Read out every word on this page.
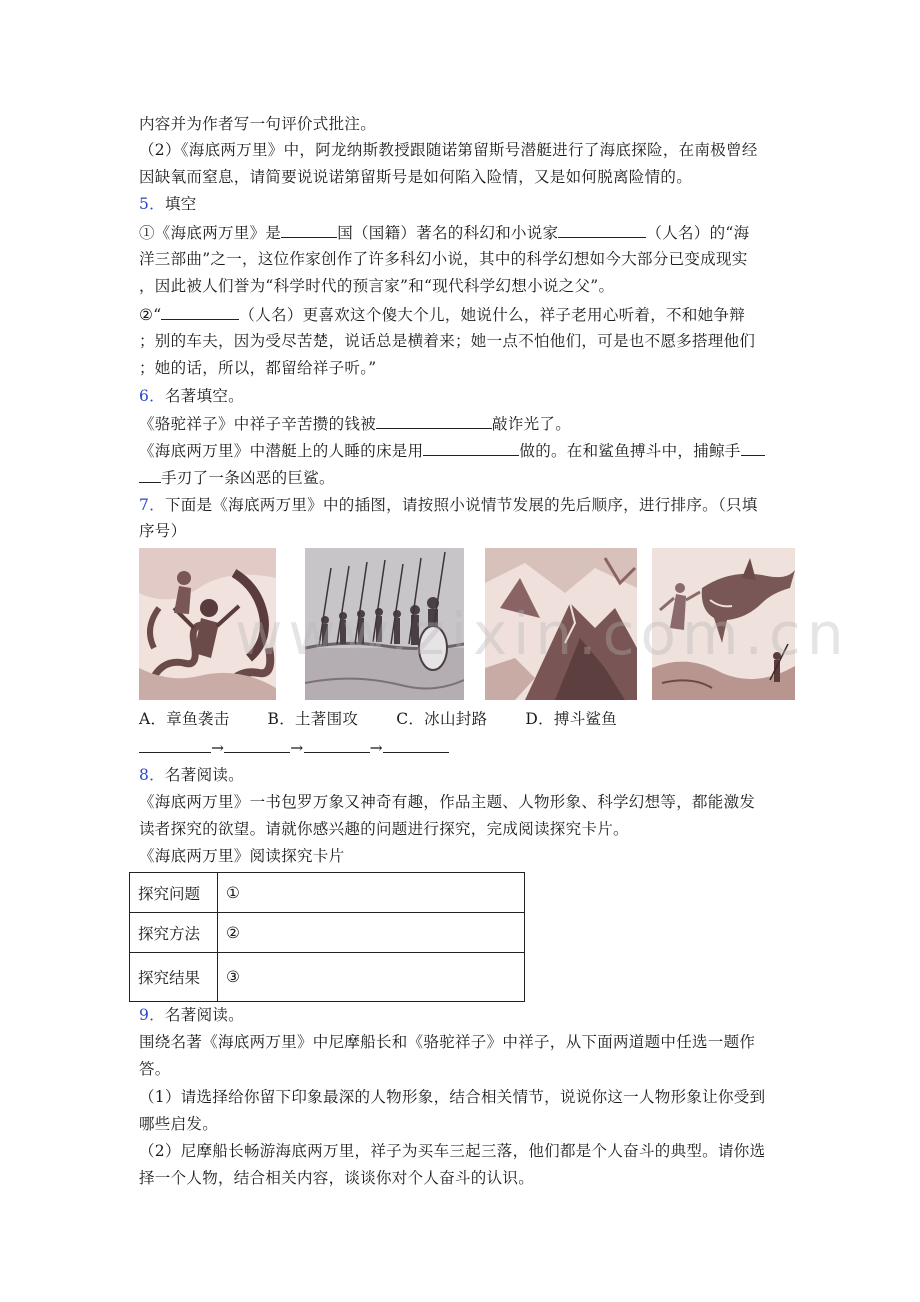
内容并为作者写一句评价式批注。
（2）《海底两万里》中，阿龙纳斯教授跟随诺第留斯号潜艇进行了海底探险，在南极曾经
因缺氧而窒息，请简要说说诺第留斯号是如何陷入险情，又是如何脱离险情的。
5．填空
①《海底两万里》是	国（国籍）著名的科幻和小说家	（人名）的“海
洋三部曲”之一，这位作家创作了许多科幻小说，其中的科学幻想如今大部分已变成现实
，因此被人们誉为“科学时代的预言家”和“现代科学幻想小说之父”。
②“	（人名）更喜欢这个傻大个儿，她说什么，祥子老用心听着，不和她争辩
；别的车夫，因为受尽苦楚，说话总是横着来；她一点不怕他们，可是也不愿多搭理他们
；她的话，所以，都留给祥子听。”
6．名著填空。
《骆驼祥子》中祥子辛苦攒的钱被	敲诈光了。
《海底两万里》中潜艇上的人睡的床是用	做的。在和鲨鱼搏斗中，捕鲸手
手刃了一条凶恶的巨鲨。
7．下面是《海底两万里》中的插图，请按照小说情节发展的先后顺序，进行排序。（只填
序号）
www.zixin.com.cn
A．章鱼袭击 B．土著围攻 C．冰山封路 D．搏斗鲨鱼
→	→	→
8．名著阅读。
《海底两万里》一书包罗万象又神奇有趣，作品主题、人物形象、科学幻想等，都能激发
读者探究的欲望。请就你感兴趣的问题进行探究，完成阅读探究卡片。
《海底两万里》阅读探究卡片
探究问题	①
探究方法	②
探究结果	③
9．名著阅读。
围绕名著《海底两万里》中尼摩船长和《骆驼祥子》中祥子，从下面两道题中任选一题作
答。
（1）请选择给你留下印象最深的人物形象，结合相关情节，说说你这一人物形象让你受到
哪些启发。
（2）尼摩船长畅游海底两万里，祥子为买车三起三落，他们都是个人奋斗的典型。请你选
择一个人物，结合相关内容，谈谈你对个人奋斗的认识。
